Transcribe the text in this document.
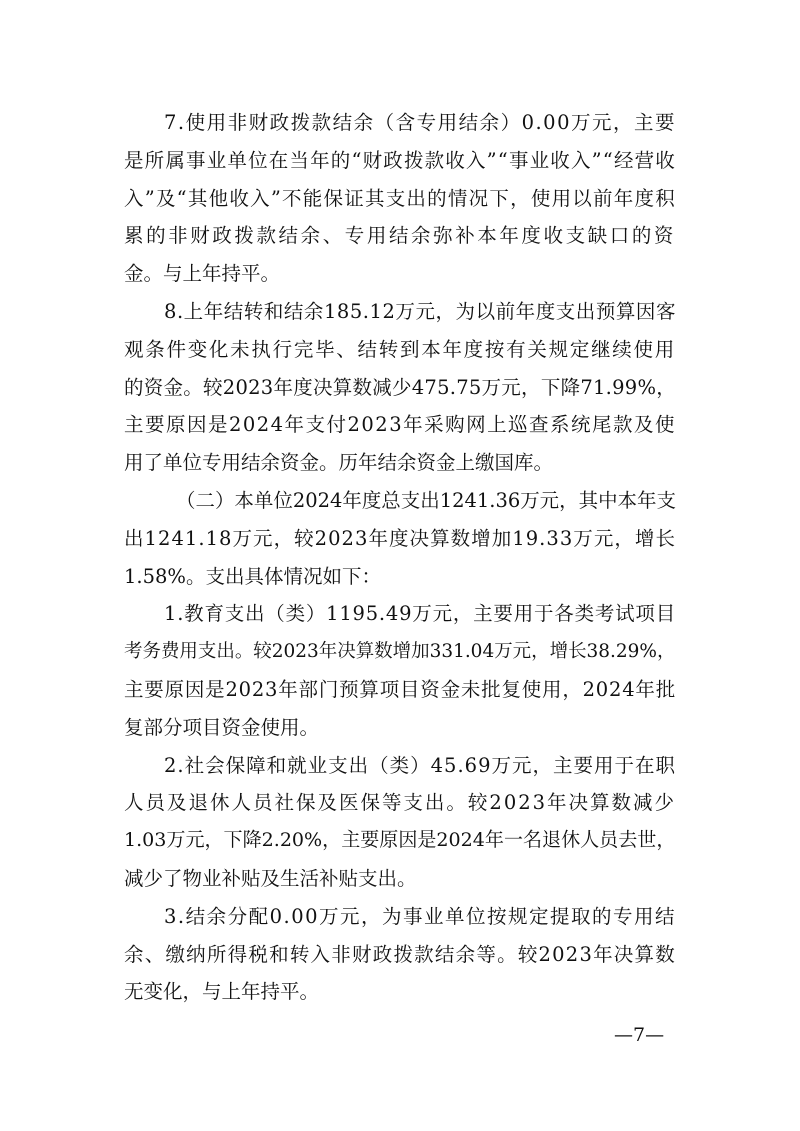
7.使用非财政拨款结余（含专用结余）0.00万元，主要
是所属事业单位在当年的“财政拨款收入”“事业收入”“经营收
入”及“其他收入”不能保证其支出的情况下，使用以前年度积
累的非财政拨款结余、专用结余弥补本年度收支缺口的资
金。与上年持平。
8.上年结转和结余185.12万元，为以前年度支出预算因客
观条件变化未执行完毕、结转到本年度按有关规定继续使用
的资金。较2023年度决算数减少475.75万元，下降71.99%，
主要原因是2024年支付2023年采购网上巡查系统尾款及使
用了单位专用结余资金。历年结余资金上缴国库。
（二）本单位2024年度总支出1241.36万元，其中本年支
出1241.18万元，较2023年度决算数增加19.33万元，增长
1.58%。支出具体情况如下：
1.教育支出（类）1195.49万元，主要用于各类考试项目
考务费用支出。较2023年决算数增加331.04万元，增长38.29%，
主要原因是2023年部门预算项目资金未批复使用，2024年批
复部分项目资金使用。
2.社会保障和就业支出（类）45.69万元，主要用于在职
人员及退休人员社保及医保等支出。较2023年决算数减少
1.03万元，下降2.20%，主要原因是2024年一名退休人员去世，
减少了物业补贴及生活补贴支出。
3.结余分配0.00万元，为事业单位按规定提取的专用结
余、缴纳所得税和转入非财政拨款结余等。较2023年决算数
无变化，与上年持平。
—7—
